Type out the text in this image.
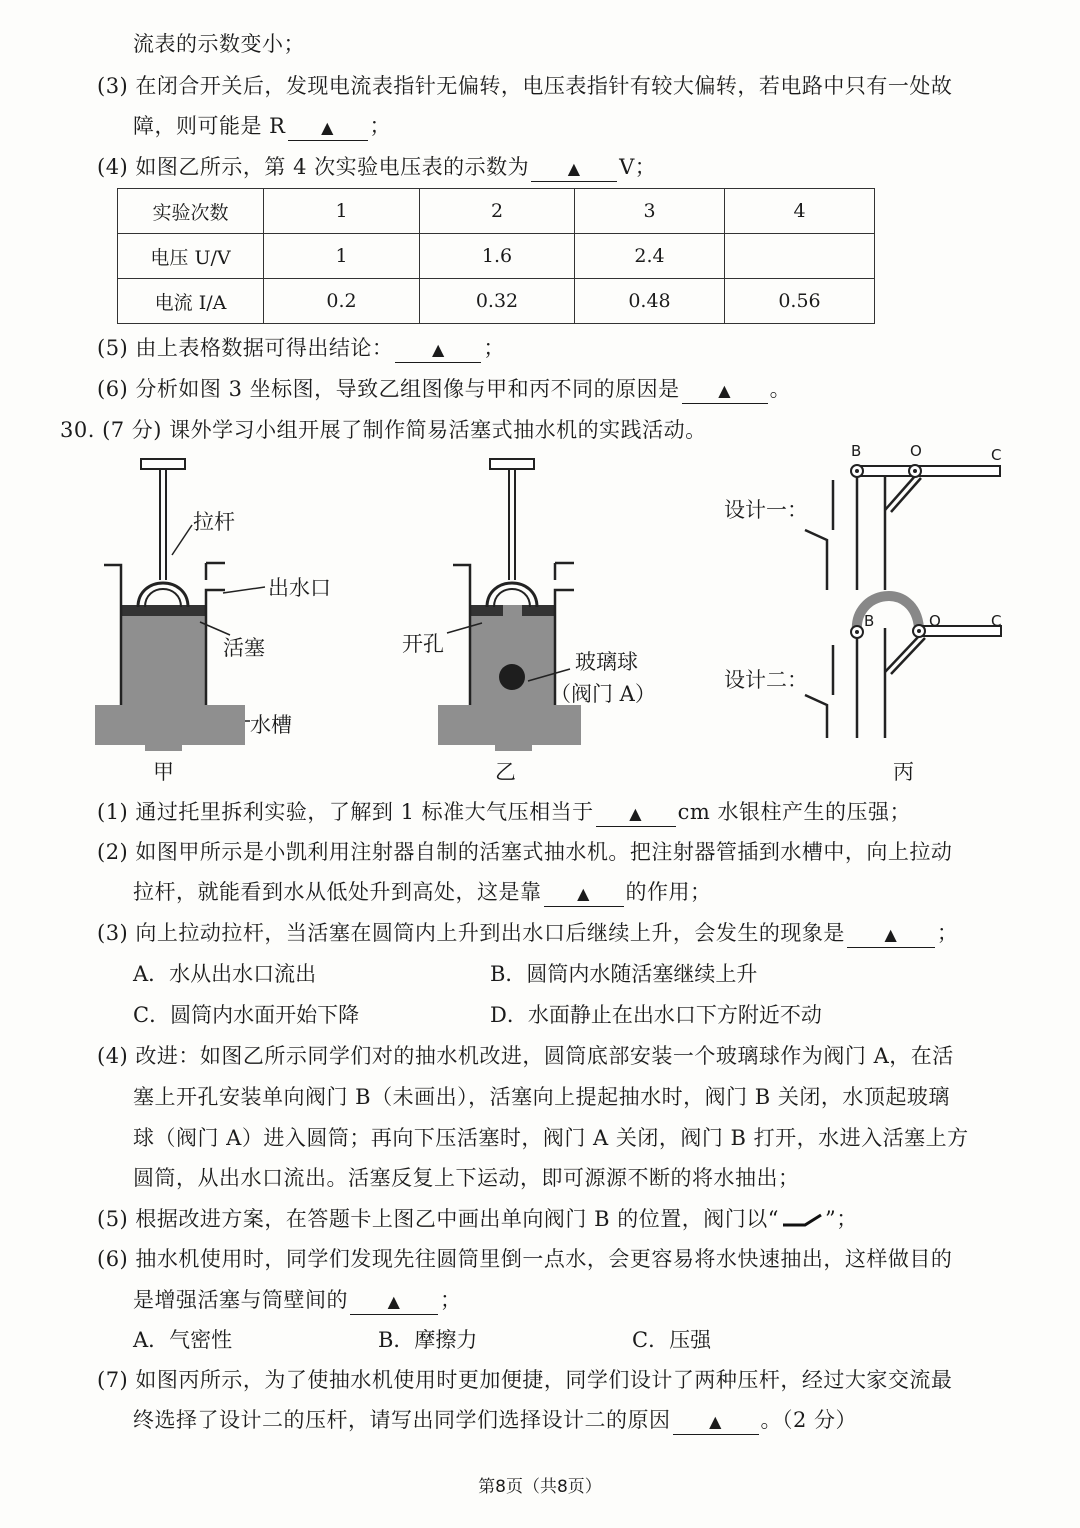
流表的示数变小；
(3) 在闭合开关后，发现电流表指针无偏转，电压表指针有较大偏转，若电路中只有一处故
障，则可能是 R ▲ ；
(4) 如图乙所示，第 4 次实验电压表的示数为 ▲ V；
实验次数	1	2	3	4
电压 U/V	1	1.6	2.4	
电流 I/A	0.2	0.32	0.48	0.56
(5) 由上表格数据可得出结论： ▲ ；
(6) 分析如图 3 坐标图，导致乙组图像与甲和丙不同的原因是 ▲ 。
30. (7 分) 课外学习小组开展了制作简易活塞式抽水机的实践活动。
拉杆
出水口
活塞
水槽
甲
开孔
玻璃球
（阀门 A）
乙
设计一：
设计二：
B	O	C
B	O	C
丙
(1) 通过托里拆利实验，了解到 1 标准大气压相当于 ▲ cm 水银柱产生的压强；
(2) 如图甲所示是小凯利用注射器自制的活塞式抽水机。把注射器管插到水槽中，向上拉动
拉杆，就能看到水从低处升到高处，这是靠 ▲ 的作用；
(3) 向上拉动拉杆，当活塞在圆筒内上升到出水口后继续上升，会发生的现象是 ▲ ；
A．水从出水口流出	B．圆筒内水随活塞继续上升
C．圆筒内水面开始下降	D．水面静止在出水口下方附近不动
(4) 改进：如图乙所示同学们对的抽水机改进，圆筒底部安装一个玻璃球作为阀门 A，在活
塞上开孔安装单向阀门 B（未画出），活塞向上提起抽水时，阀门 B 关闭，水顶起玻璃
球（阀门 A）进入圆筒；再向下压活塞时，阀门 A 关闭，阀门 B 打开，水进入活塞上方
圆筒，从出水口流出。活塞反复上下运动，即可源源不断的将水抽出；
(5) 根据改进方案，在答题卡上图乙中画出单向阀门 B 的位置，阀门以“ ”；
(6) 抽水机使用时，同学们发现先往圆筒里倒一点水，会更容易将水快速抽出，这样做目的
是增强活塞与筒壁间的 ▲ ；
A．气密性	B．摩擦力	C．压强
(7) 如图丙所示，为了使抽水机使用时更加便捷，同学们设计了两种压杆，经过大家交流最
终选择了设计二的压杆，请写出同学们选择设计二的原因 ▲ 。（2 分）
第8页（共8页）
